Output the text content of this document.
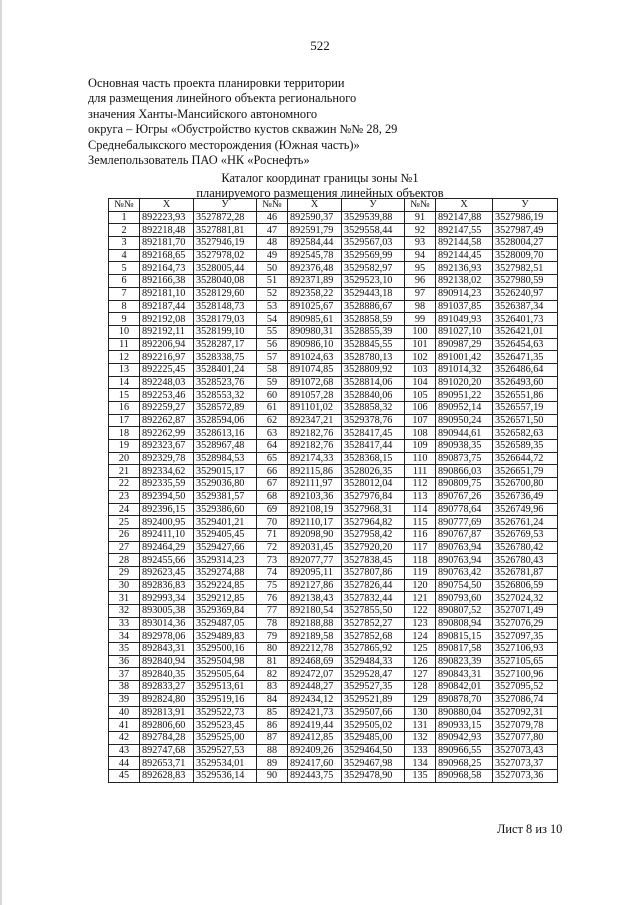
522
Основная часть проекта планировки территории
для размещения линейного объекта регионального
значения Ханты-Мансийского автономного
округа – Югры «Обустройство кустов скважин №№ 28, 29
Среднебалыкского месторождения (Южная часть)»
Землепользователь ПАО «НК «Роснефть»
Каталог координат границы зоны №1
планируемого размещения линейных объектов
№№	X	У	№№	X	У	№№	X	У
1	892223,93	3527872,28	46	892590,37	3529539,88	91	892147,88	3527986,19
2	892218,48	3527881,81	47	892591,79	3529558,44	92	892147,55	3527987,49
3	892181,70	3527946,19	48	892584,44	3529567,03	93	892144,58	3528004,27
4	892168,65	3527978,02	49	892545,78	3529569,99	94	892144,45	3528009,70
5	892164,73	3528005,44	50	892376,48	3529582,97	95	892136,93	3527982,51
6	892166,38	3528040,08	51	892371,89	3529523,10	96	892138,02	3527980,59
7	892181,10	3528129,60	52	892358,22	3529443,18	97	890914,23	3526240,97
8	892187,44	3528148,73	53	891025,67	3528886,67	98	891037,85	3526387,34
9	892192,08	3528179,03	54	890985,61	3528858,59	99	891049,93	3526401,73
10	892192,11	3528199,10	55	890980,31	3528855,39	100	891027,10	3526421,01
11	892206,94	3528287,17	56	890986,10	3528845,55	101	890987,29	3526454,63
12	892216,97	3528338,75	57	891024,63	3528780,13	102	891001,42	3526471,35
13	892225,45	3528401,24	58	891074,85	3528809,92	103	891014,32	3526486,64
14	892248,03	3528523,76	59	891072,68	3528814,06	104	891020,20	3526493,60
15	892253,46	3528553,32	60	891057,28	3528840,06	105	890951,22	3526551,86
16	892259,27	3528572,89	61	891101,02	3528858,32	106	890952,14	3526557,19
17	892262,87	3528594,06	62	892347,21	3529378,76	107	890950,24	3526571,50
18	892262,99	3528613,16	63	892182,76	3528417,45	108	890944,61	3526582,63
19	892323,67	3528967,48	64	892182,76	3528417,44	109	890938,35	3526589,35
20	892329,78	3528984,53	65	892174,33	3528368,15	110	890873,75	3526644,72
21	892334,62	3529015,17	66	892115,86	3528026,35	111	890866,03	3526651,79
22	892335,59	3529036,80	67	892111,97	3528012,04	112	890809,75	3526700,80
23	892394,50	3529381,57	68	892103,36	3527976,84	113	890767,26	3526736,49
24	892396,15	3529386,60	69	892108,19	3527968,31	114	890778,64	3526749,96
25	892400,95	3529401,21	70	892110,17	3527964,82	115	890777,69	3526761,24
26	892411,10	3529405,45	71	892098,90	3527958,42	116	890767,87	3526769,53
27	892464,29	3529427,66	72	892031,45	3527920,20	117	890763,94	3526780,42
28	892455,66	3529314,23	73	892077,77	3527838,45	118	890763,94	3526780,43
29	892623,45	3529274,88	74	892095,11	3527807,86	119	890763,42	3526781,87
30	892836,83	3529224,85	75	892127,86	3527826,44	120	890754,50	3526806,59
31	892993,34	3529212,85	76	892138,43	3527832,44	121	890793,60	3527024,32
32	893005,38	3529369,84	77	892180,54	3527855,50	122	890807,52	3527071,49
33	893014,36	3529487,05	78	892188,88	3527852,27	123	890808,94	3527076,29
34	892978,06	3529489,83	79	892189,58	3527852,68	124	890815,15	3527097,35
35	892843,31	3529500,16	80	892212,78	3527865,92	125	890817,58	3527106,93
36	892840,94	3529504,98	81	892468,69	3529484,33	126	890823,39	3527105,65
37	892840,35	3529505,64	82	892472,07	3529528,47	127	890843,31	3527100,96
38	892833,27	3529513,61	83	892448,27	3529527,35	128	890842,01	3527095,52
39	892824,80	3529519,16	84	892434,12	3529521,89	129	890878,70	3527086,74
40	892813,91	3529522,73	85	892421,73	3529507,66	130	890880,04	3527092,31
41	892806,60	3529523,45	86	892419,44	3529505,02	131	890933,15	3527079,78
42	892784,28	3529525,00	87	892412,85	3529485,00	132	890942,93	3527077,80
43	892747,68	3529527,53	88	892409,26	3529464,50	133	890966,55	3527073,43
44	892653,71	3529534,01	89	892417,60	3529467,98	134	890968,25	3527073,37
45	892628,83	3529536,14	90	892443,75	3529478,90	135	890968,58	3527073,36
Лист 8 из 10
